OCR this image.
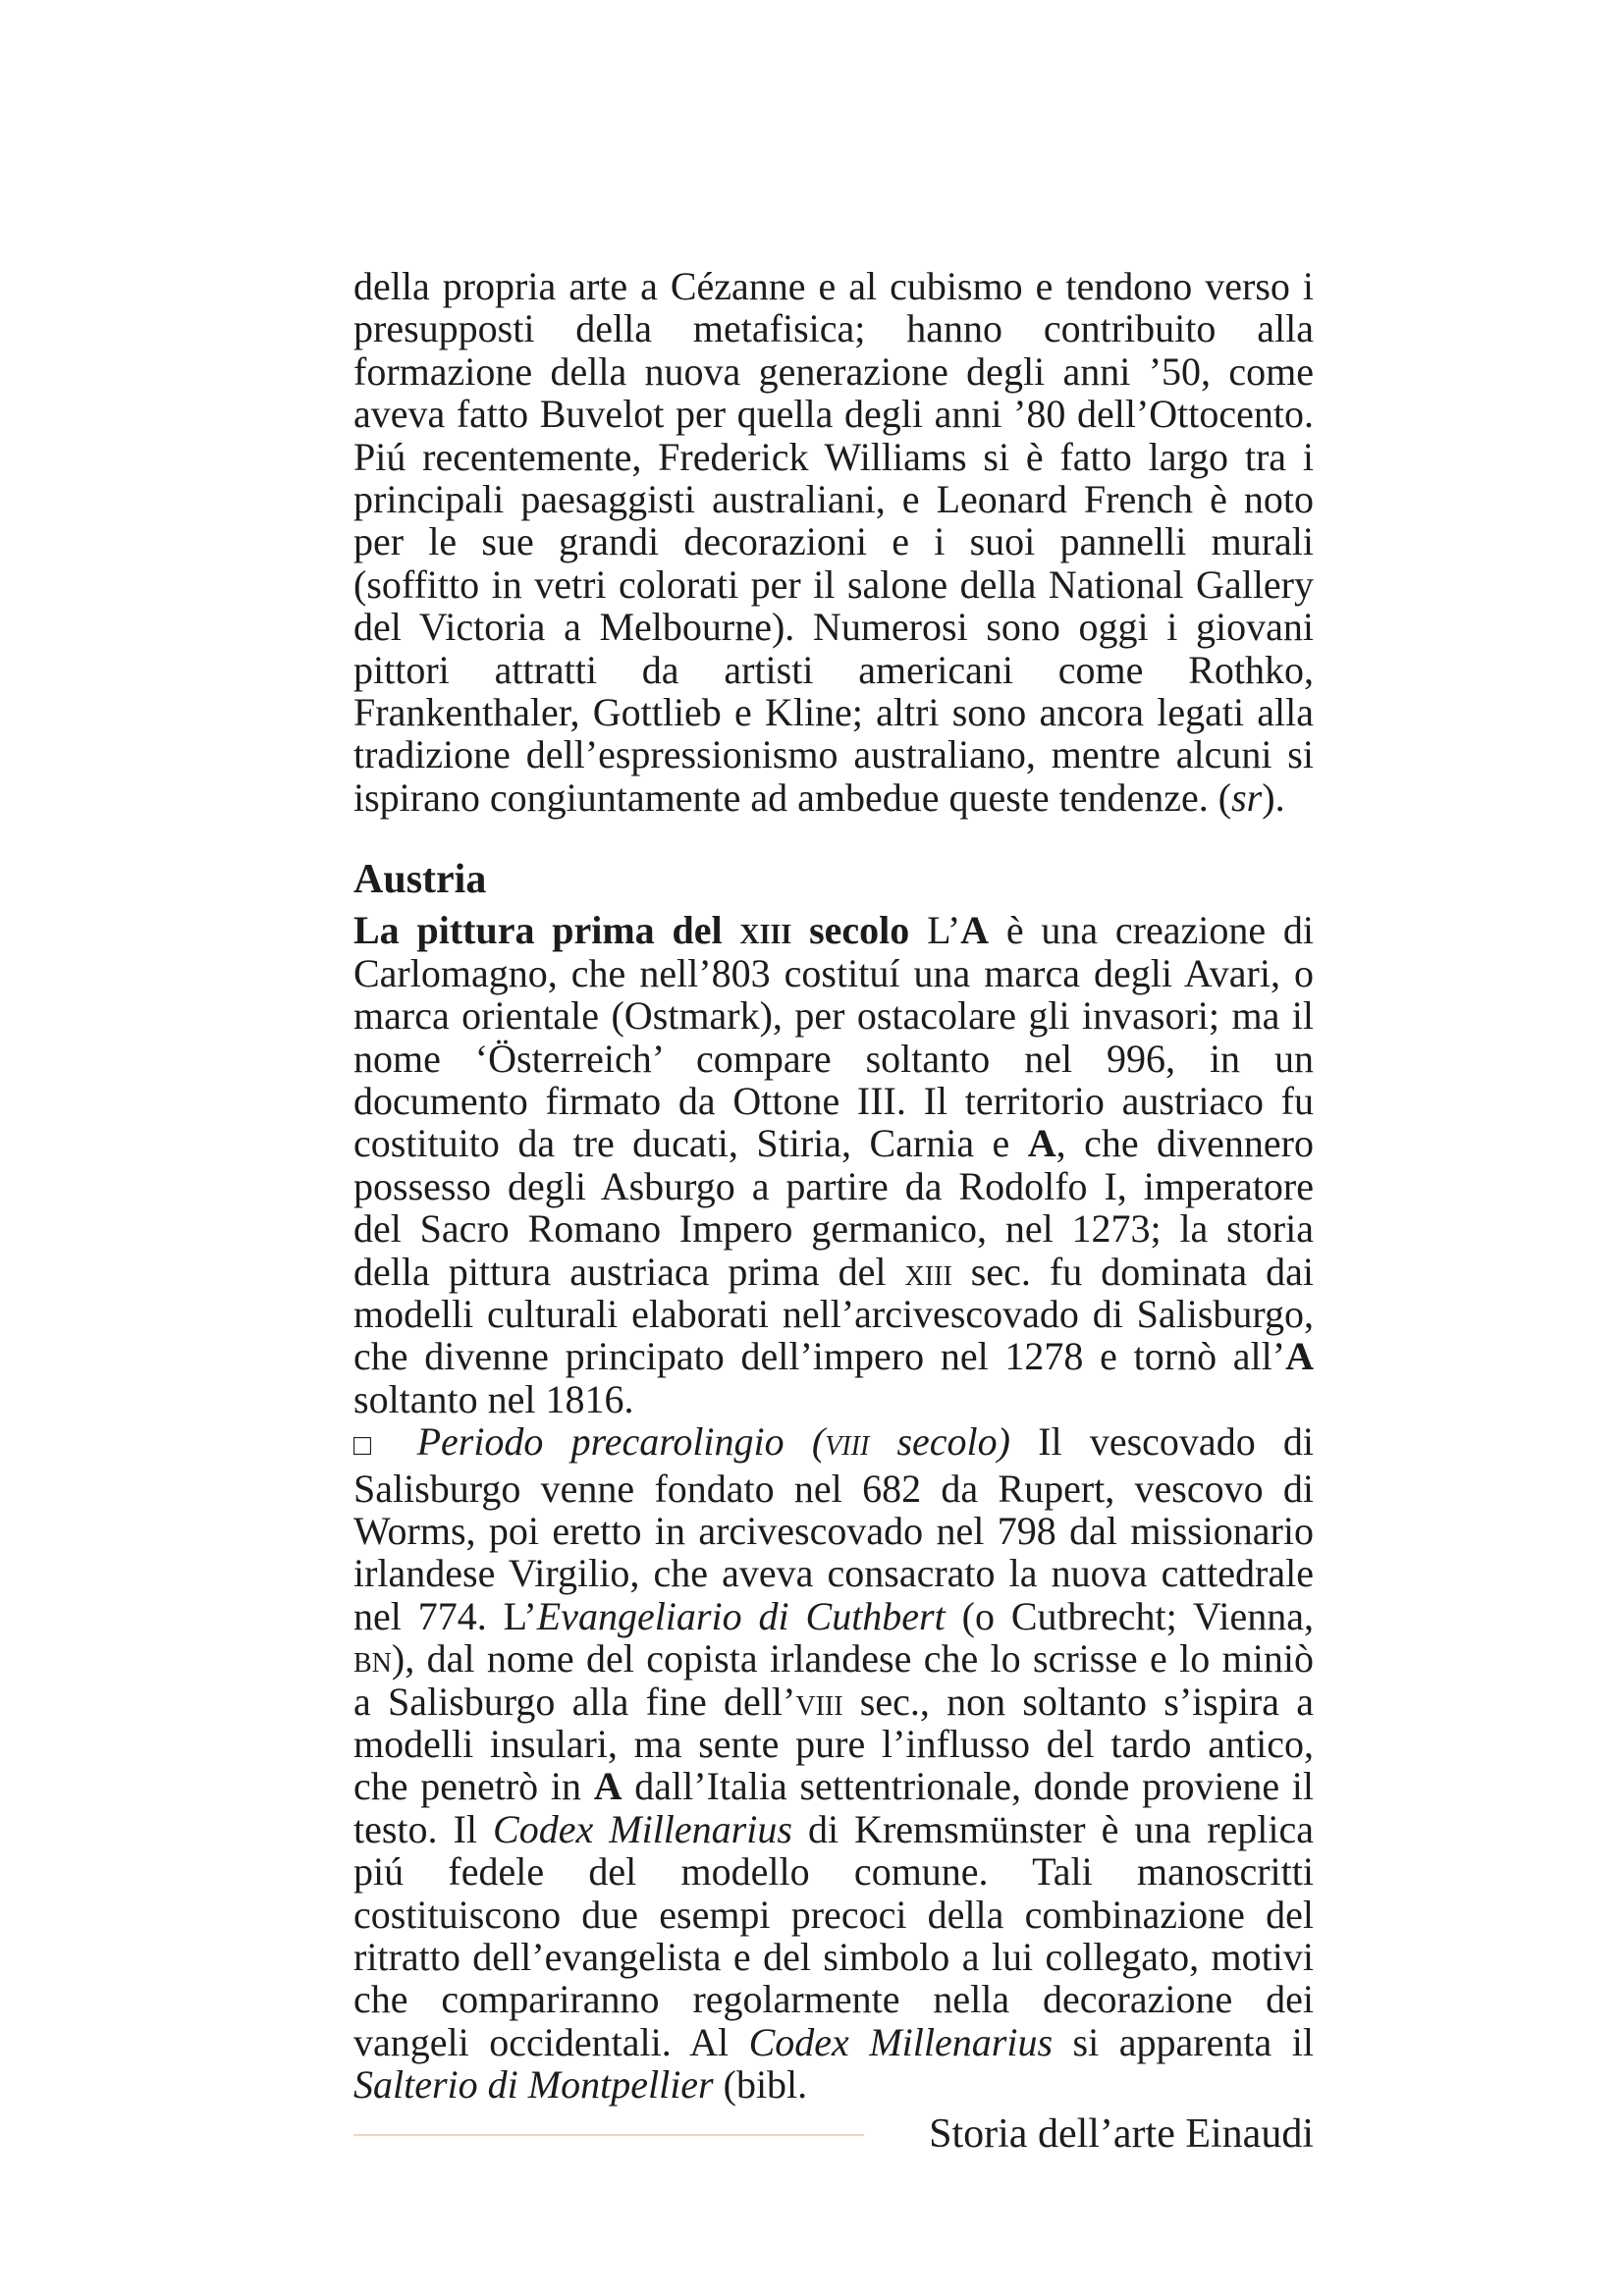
della propria arte a Cézanne e al cubismo e tendono verso i presupposti della metafisica; hanno contribuito alla formazione della nuova generazione degli anni ’50, come aveva fatto Buvelot per quella degli anni ’80 dell’Ottocento. Piú recentemente, Frederick Williams si è fatto largo tra i principali paesaggisti australiani, e Leonard French è noto per le sue grandi decorazioni e i suoi pannelli murali (soffitto in vetri colorati per il salone della National Gallery del Victoria a Melbourne). Numerosi sono oggi i giovani pittori attratti da artisti americani come Rothko, Frankenthaler, Gottlieb e Kline; altri sono ancora legati alla tradizione dell’espressionismo australiano, mentre alcuni si ispirano congiuntamente ad ambedue queste tendenze. (sr).

Austria

La pittura prima del xiii secolo L’A è una creazione di Carlomagno, che nell’803 costituí una marca degli Avari, o marca orientale (Ostmark), per ostacolare gli invasori; ma il nome ‘Österreich’ compare soltanto nel 996, in un documento firmato da Ottone III. Il territorio austriaco fu costituito da tre ducati, Stiria, Carnia e A, che divennero possesso degli Asburgo a partire da Rodolfo I, imperatore del Sacro Romano Impero germanico, nel 1273; la storia della pittura austriaca prima del xiii sec. fu dominata dai modelli culturali elaborati nell’arcivescovado di Salisburgo, che divenne principato dell’impero nel 1278 e tornò all’A soltanto nel 1816.

□ Periodo precarolingio (viii secolo) Il vescovado di Salisburgo venne fondato nel 682 da Rupert, vescovo di Worms, poi eretto in arcivescovado nel 798 dal missionario irlandese Virgilio, che aveva consacrato la nuova cattedrale nel 774. L’Evangeliario di Cuthbert (o Cutbrecht; Vienna, bn), dal nome del copista irlandese che lo scrisse e lo miniò a Salisburgo alla fine dell’viii sec., non soltanto s’ispira a modelli insulari, ma sente pure l’influsso del tardo antico, che penetrò in A dall’Italia settentrionale, donde proviene il testo. Il Codex Millenarius di Kremsmünster è una replica piú fedele del modello comune. Tali manoscritti costituiscono due esempi precoci della combinazione del ritratto dell’evangelista e del simbolo a lui collegato, motivi che compariranno regolarmente nella decorazione dei vangeli occidentali. Al Codex Millenarius si apparenta il Salterio di Montpellier (bibl.

Storia dell’arte Einaudi
